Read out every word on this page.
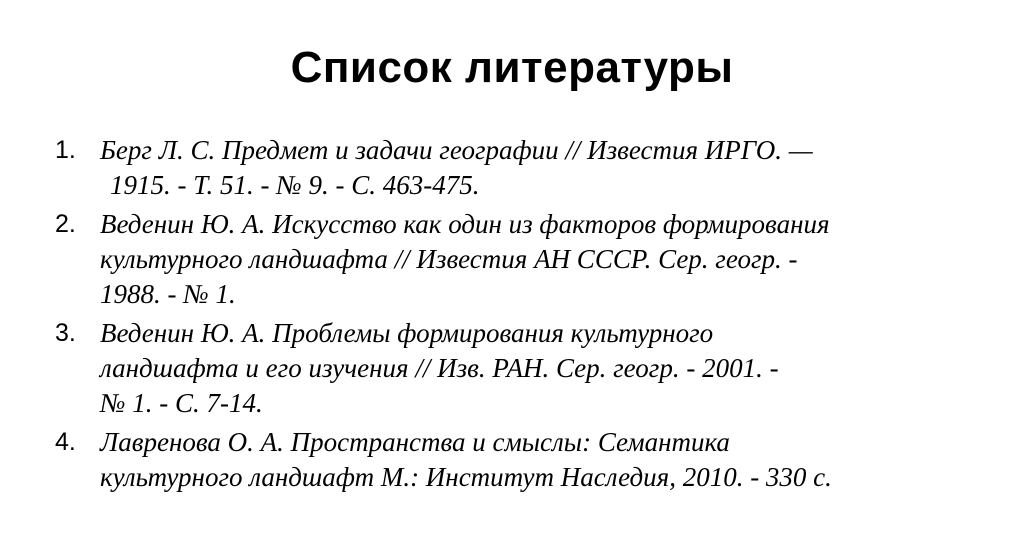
Список литературы
1. Берг Л. С. Предмет и задачи географии // Известия ИРГО. —
1915. - Т. 51. - № 9. - С. 463-475.
2. Веденин Ю. А. Искусство как один из факторов формирования
культурного ландшафта // Известия АН СССР. Сер. геогр. -
1988. - № 1.
3. Веденин Ю. А. Проблемы формирования культурного
ландшафта и его изучения // Изв. РАН. Сер. геогр. - 2001. -
№ 1. - С. 7-14.
4. Лавренова О. А. Пространства и смыслы: Семантика
культурного ландшафт М.: Институт Наследия, 2010. - 330 с.
